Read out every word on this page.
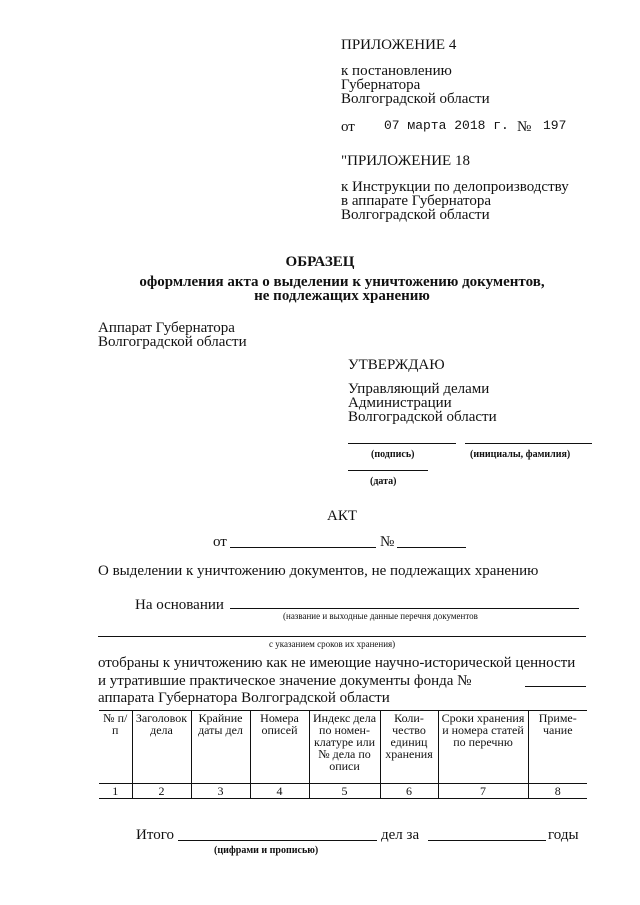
ПРИЛОЖЕНИЕ 4
к постановлению
Губернатора
Волгоградской области
от 07 марта 2018 г. № 197
"ПРИЛОЖЕНИЕ 18
к Инструкции по делопроизводству
в аппарате Губернатора
Волгоградской области
ОБРАЗЕЦ
оформления акта о выделении к уничтожению документов,
не подлежащих хранению
Аппарат Губернатора
Волгоградской области
УТВЕРЖДАЮ
Управляющий делами
Администрации
Волгоградской области
(подпись)	(инициалы, фамилия)
(дата)
АКТ
от	№
О выделении к уничтожению документов, не подлежащих хранению
На основании
(название и выходные данные перечня документов
с указанием сроков их хранения)
отобраны к уничтожению как не имеющие научно-исторической ценности
и утратившие практическое значение документы фонда №
аппарата Губернатора Волгоградской области
№ п/п	Заголовок дела	Крайние даты дел	Номера описей	Индекс дела по номен-клатуре или № дела по описи	Коли-чество единиц хранения	Сроки хранения и номера статей по перечню	Приме-чание
1	2	3	4	5	6	7	8
Итого	дел за	годы
(цифрами и прописью)
